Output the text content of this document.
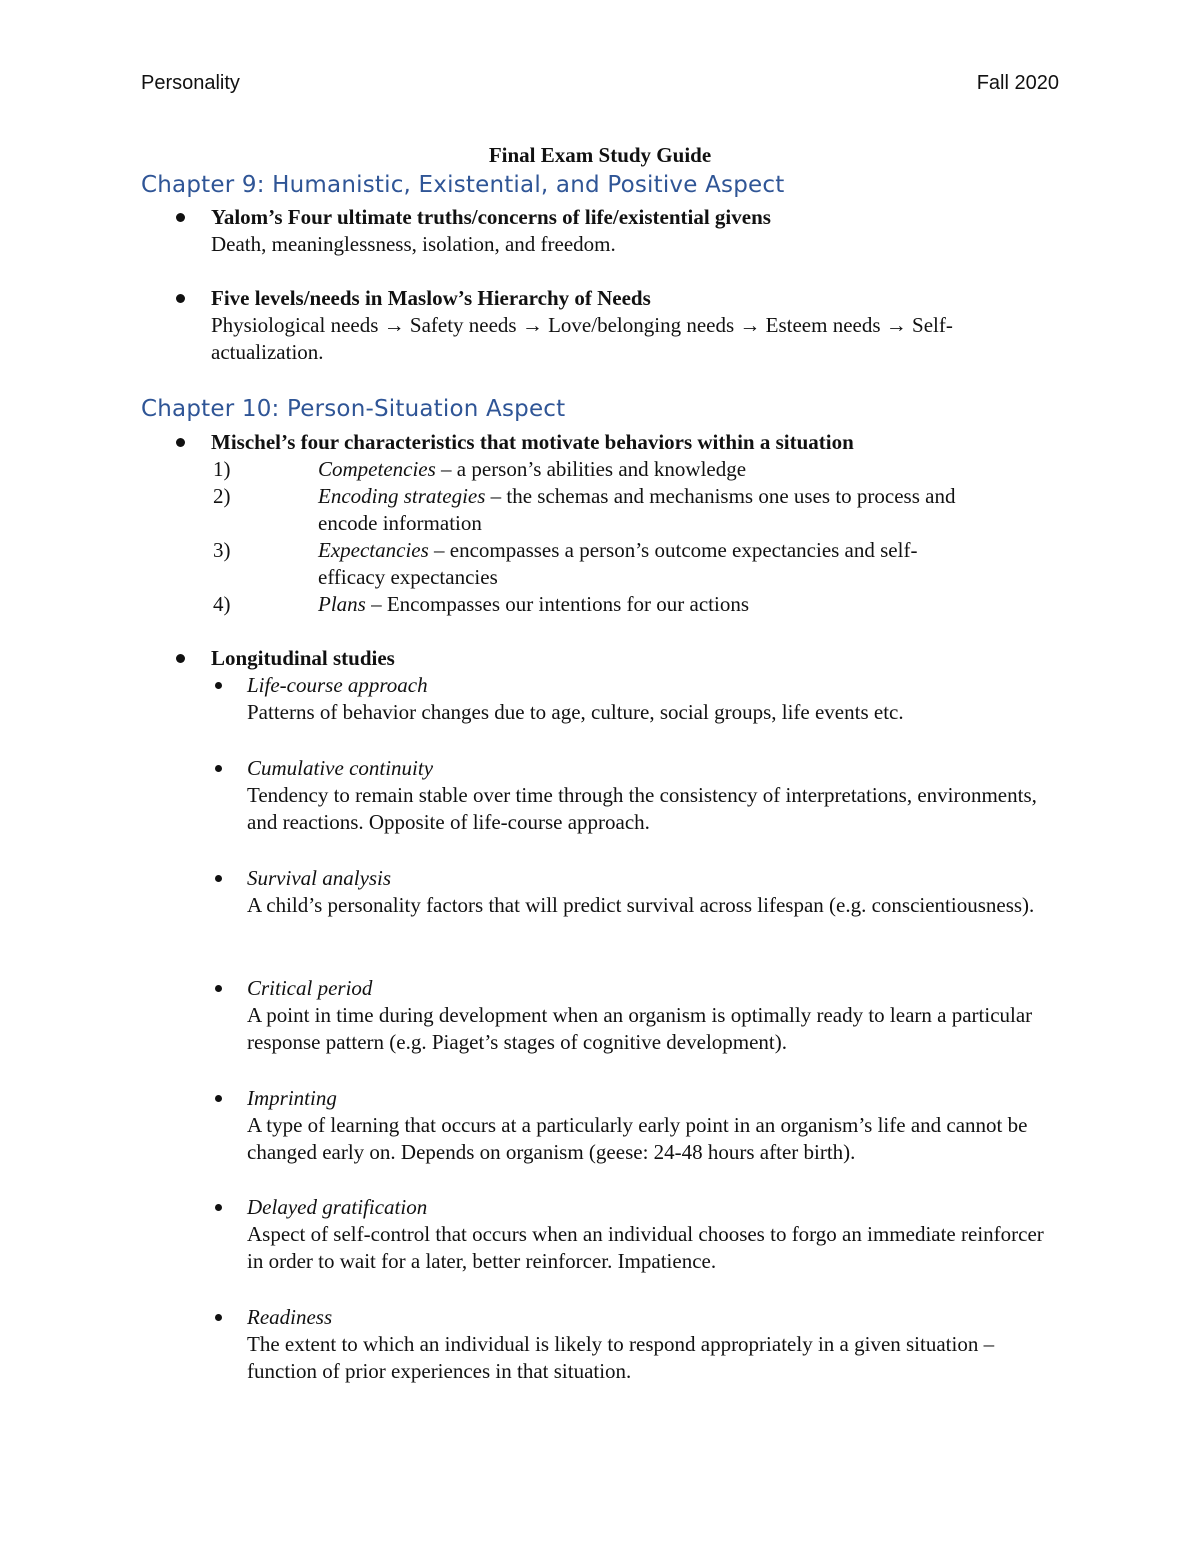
Personality	Fall 2020
Final Exam Study Guide
Chapter 9: Humanistic, Existential, and Positive Aspect
Yalom’s Four ultimate truths/concerns of life/existential givens
Death, meaninglessness, isolation, and freedom.
Five levels/needs in Maslow’s Hierarchy of Needs
Physiological needs → Safety needs → Love/belonging needs → Esteem needs → Self-actualization.
Chapter 10: Person-Situation Aspect
Mischel’s four characteristics that motivate behaviors within a situation
1)	Competencies – a person’s abilities and knowledge
2)	Encoding strategies – the schemas and mechanisms one uses to process and encode information
3)	Expectancies – encompasses a person’s outcome expectancies and self-efficacy expectancies
4)	Plans – Encompasses our intentions for our actions
Longitudinal studies
Life-course approach
Patterns of behavior changes due to age, culture, social groups, life events etc.
Cumulative continuity
Tendency to remain stable over time through the consistency of interpretations, environments, and reactions. Opposite of life-course approach.
Survival analysis
A child’s personality factors that will predict survival across lifespan (e.g. conscientiousness).
Critical period
A point in time during development when an organism is optimally ready to learn a particular response pattern (e.g. Piaget’s stages of cognitive development).
Imprinting
A type of learning that occurs at a particularly early point in an organism’s life and cannot be changed early on. Depends on organism (geese: 24-48 hours after birth).
Delayed gratification
Aspect of self-control that occurs when an individual chooses to forgo an immediate reinforcer in order to wait for a later, better reinforcer. Impatience.
Readiness
The extent to which an individual is likely to respond appropriately in a given situation – function of prior experiences in that situation.
